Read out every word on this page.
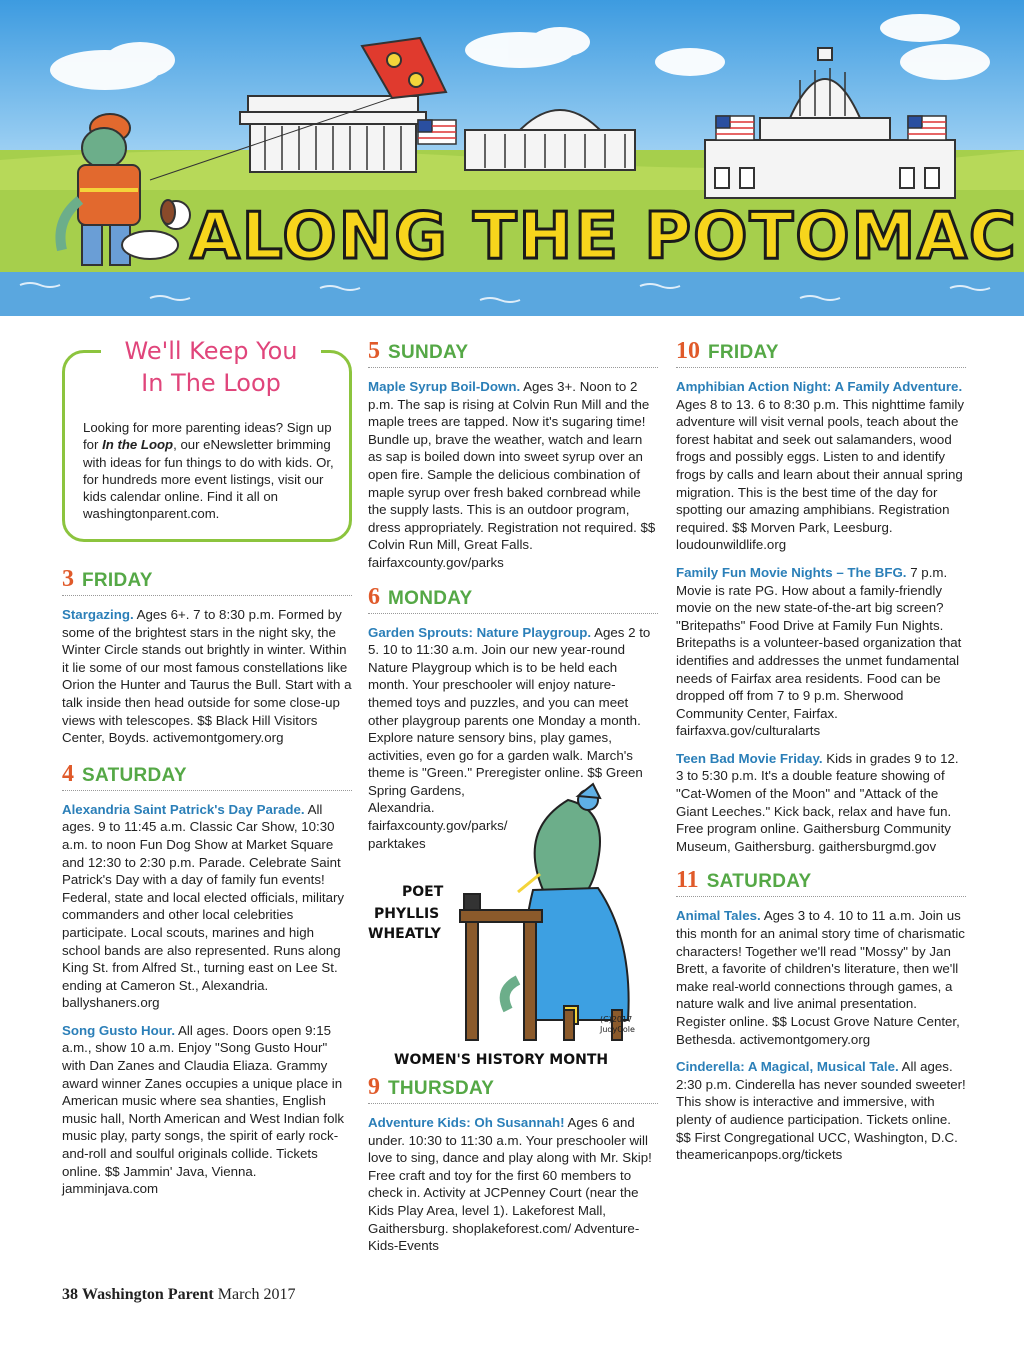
ALONG THE POTOMAC
We'll Keep You
In The Loop
Looking for more parenting ideas? Sign up for In the Loop, our eNewsletter brimming with ideas for fun things to do with kids. Or, for hundreds more event listings, visit our kids calendar online. Find it all on washingtonparent.com.
3 FRIDAY

Stargazing. Ages 6+. 7 to 8:30 p.m. Formed by some of the brightest stars in the night sky, the Winter Circle stands out brightly in winter. Within it lie some of our most famous constellations like Orion the Hunter and Taurus the Bull. Start with a talk inside then head outside for some close-up views with telescopes. $$ Black Hill Visitors Center, Boyds. activemontgomery.org

4 SATURDAY

Alexandria Saint Patrick's Day Parade. All ages. 9 to 11:45 a.m. Classic Car Show, 10:30 a.m. to noon Fun Dog Show at Market Square and 12:30 to 2:30 p.m. Parade. Celebrate Saint Patrick's Day with a day of family fun events! Federal, state and local elected officials, military commanders and other local celebrities participate. Local scouts, marines and high school bands are also represented. Runs along King St. from Alfred St., turning east on Lee St. ending at Cameron St., Alexandria. ballyshaners.org

Song Gusto Hour. All ages. Doors open 9:15 a.m., show 10 a.m. Enjoy "Song Gusto Hour" with Dan Zanes and Claudia Eliaza. Grammy award winner Zanes occupies a unique place in American music where sea shanties, English music hall, North American and West Indian folk music play, party songs, the spirit of early rock-and-roll and soulful originals collide. Tickets online. $$ Jammin' Java, Vienna. jamminjava.com

5 SUNDAY

Maple Syrup Boil-Down. Ages 3+. Noon to 2 p.m. The sap is rising at Colvin Run Mill and the maple trees are tapped. Now it's sugaring time! Bundle up, brave the weather, watch and learn as sap is boiled down into sweet syrup over an open fire. Sample the delicious combination of maple syrup over fresh baked cornbread while the supply lasts. This is an outdoor program, dress appropriately. Registration not required. $$ Colvin Run Mill, Great Falls. fairfaxcounty.gov/parks

6 MONDAY

Garden Sprouts: Nature Playgroup. Ages 2 to 5. 10 to 11:30 a.m. Join our new year-round Nature Playgroup which is to be held each month. Your preschooler will enjoy nature-themed toys and puzzles, and you can meet other playgroup parents one Monday a month. Explore nature sensory bins, play games, activities, even go for a garden walk. March's theme is "Green." Preregister online. $$ Green Spring Gardens,

Alexandria.
fairfaxcounty.gov/parks/
parktakes
POET
PHYLLIS
WHEATLY
(C)2017
JudyCole
WOMEN'S HISTORY MONTH
9 THURSDAY

Adventure Kids: Oh Susannah! Ages 6 and under. 10:30 to 11:30 a.m. Your preschooler will love to sing, dance and play along with Mr. Skip! Free craft and toy for the first 60 members to check in. Activity at JCPenney Court (near the Kids Play Area, level 1). Lakeforest Mall, Gaithersburg. shoplakeforest.com/ Adventure-Kids-Events

10 FRIDAY

Amphibian Action Night: A Family Adventure. Ages 8 to 13. 6 to 8:30 p.m. This nighttime family adventure will visit vernal pools, teach about the forest habitat and seek out salamanders, wood frogs and possibly eggs. Listen to and identify frogs by calls and learn about their annual spring migration. This is the best time of the day for spotting our amazing amphibians. Registration required. $$ Morven Park, Leesburg. loudounwildlife.org

Family Fun Movie Nights – The BFG. 7 p.m. Movie is rate PG. How about a family-friendly movie on the new state-of-the-art big screen? "Britepaths" Food Drive at Family Fun Nights. Britepaths is a volunteer-based organization that identifies and addresses the unmet fundamental needs of Fairfax area residents. Food can be dropped off from 7 to 9 p.m. Sherwood Community Center, Fairfax. fairfaxva.gov/culturalarts

Teen Bad Movie Friday. Kids in grades 9 to 12. 3 to 5:30 p.m. It's a double feature showing of "Cat-Women of the Moon" and "Attack of the Giant Leeches." Kick back, relax and have fun. Free program online. Gaithersburg Community Museum, Gaithersburg. gaithersburgmd.gov

11 SATURDAY

Animal Tales. Ages 3 to 4. 10 to 11 a.m. Join us this month for an animal story time of charismatic characters! Together we'll read "Mossy" by Jan Brett, a favorite of children's literature, then we'll make real-world connections through games, a nature walk and live animal presentation. Register online. $$ Locust Grove Nature Center, Bethesda. activemontgomery.org

Cinderella: A Magical, Musical Tale. All ages. 2:30 p.m. Cinderella has never sounded sweeter! This show is interactive and immersive, with plenty of audience participation. Tickets online. $$ First Congregational UCC, Washington, D.C. theamericanpops.org/tickets

38 Washington Parent March 2017
